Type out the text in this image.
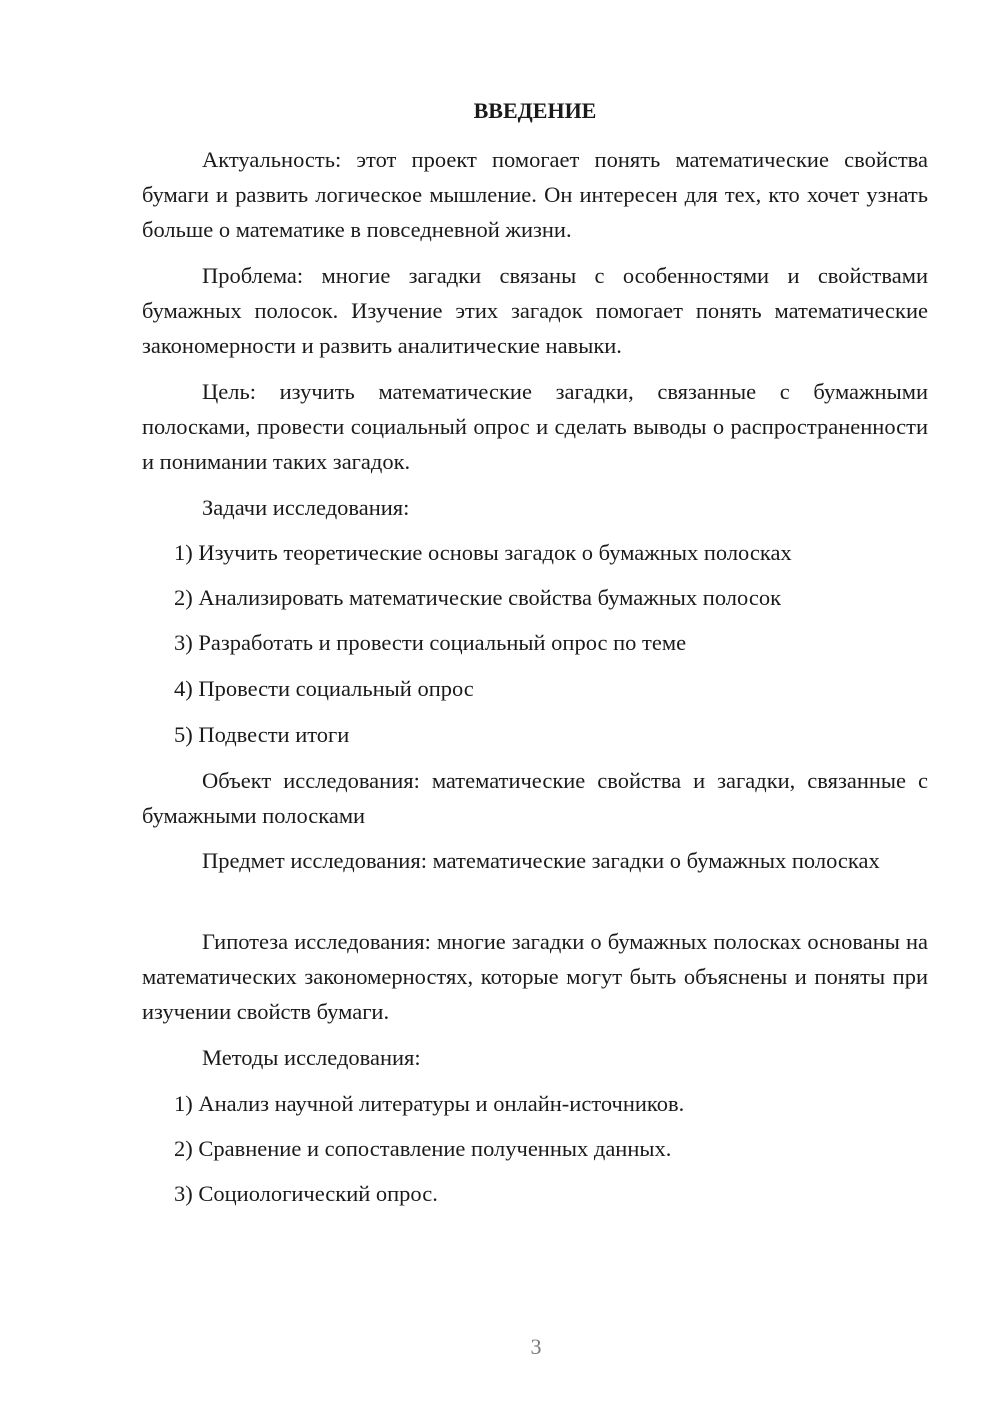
ВВЕДЕНИЕ

Актуальность: этот проект помогает понять математические свойства бумаги и развить логическое мышление. Он интересен для тех, кто хочет узнать больше о математике в повседневной жизни.

Проблема: многие загадки связаны с особенностями и свойствами бумажных полосок. Изучение этих загадок помогает понять математические закономерности и развить аналитические навыки.

Цель: изучить математические загадки, связанные с бумажными полосками, провести социальный опрос и сделать выводы о распространенности и понимании таких загадок.

Задачи исследования:

1) Изучить теоретические основы загадок о бумажных полосках

2) Анализировать математические свойства бумажных полосок

3) Разработать и провести социальный опрос по теме

4) Провести социальный опрос

5) Подвести итоги

Объект исследования: математические свойства и загадки, связанные с бумажными полосками

Предмет исследования: математические загадки о бумажных полосках

Гипотеза исследования: многие загадки о бумажных полосках основаны на математических закономерностях, которые могут быть объяснены и поняты при изучении свойств бумаги.

Методы исследования:

1) Анализ научной литературы и онлайн-источников.

2) Сравнение и сопоставление полученных данных.

3) Социологический опрос.

3
